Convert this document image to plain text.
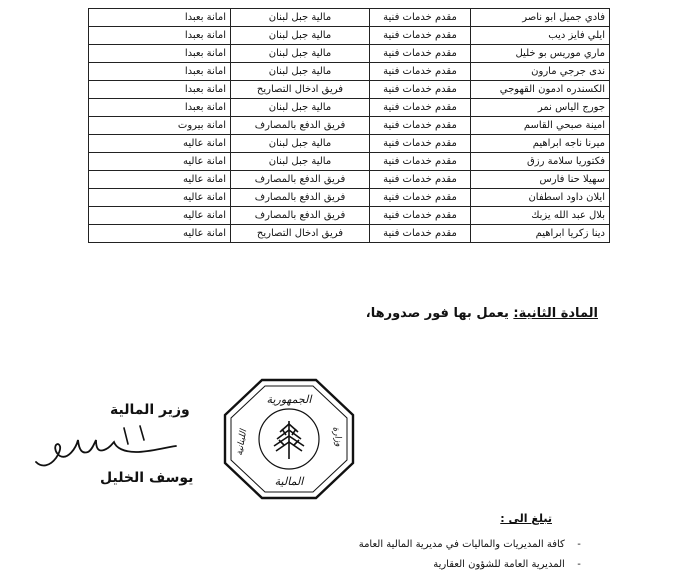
فادي جميل ابو ناصر	مقدم خدمات فنية	مالية جبل لبنان	امانة بعبدا
ايلي فايز ديب	مقدم خدمات فنية	مالية جبل لبنان	امانة بعبدا
ماري موريس بو خليل	مقدم خدمات فنية	مالية جبل لبنان	امانة بعبدا
ندى جرجي مارون	مقدم خدمات فنية	مالية جبل لبنان	امانة بعبدا
الكسندره ادمون القهوجي	مقدم خدمات فنية	فريق ادخال التصاريح	امانة بعبدا
جورج الياس نمر	مقدم خدمات فنية	مالية جبل لبنان	امانة بعبدا
امينة صبحي القاسم	مقدم خدمات فنية	فريق الدفع بالمصارف	امانة بيروت
ميرنا ناجه ابراهيم	مقدم خدمات فنية	مالية جبل لبنان	امانة عاليه
فكتوريا سلامة رزق	مقدم خدمات فنية	مالية جبل لبنان	امانة عاليه
سهيلا حنا فارس	مقدم خدمات فنية	فريق الدفع بالمصارف	امانة عاليه
ايلان داود اسطفان	مقدم خدمات فنية	فريق الدفع بالمصارف	امانة عاليه
بلال عبد الله يزبك	مقدم خدمات فنية	فريق الدفع بالمصارف	امانة عاليه
دينا زكريا ابراهيم	مقدم خدمات فنية	فريق ادخال التصاريح	امانة عاليه
المادة الثانية: يعمل بها فور صدورها،
الجمهورية
اللبنانية	وزارة
المالية
وزير المالية
يوسف الخليل
تبلغ الى :
- كافة المديريات والماليات في مديرية المالية العامة
- المديرية العامة للشؤون العقارية
